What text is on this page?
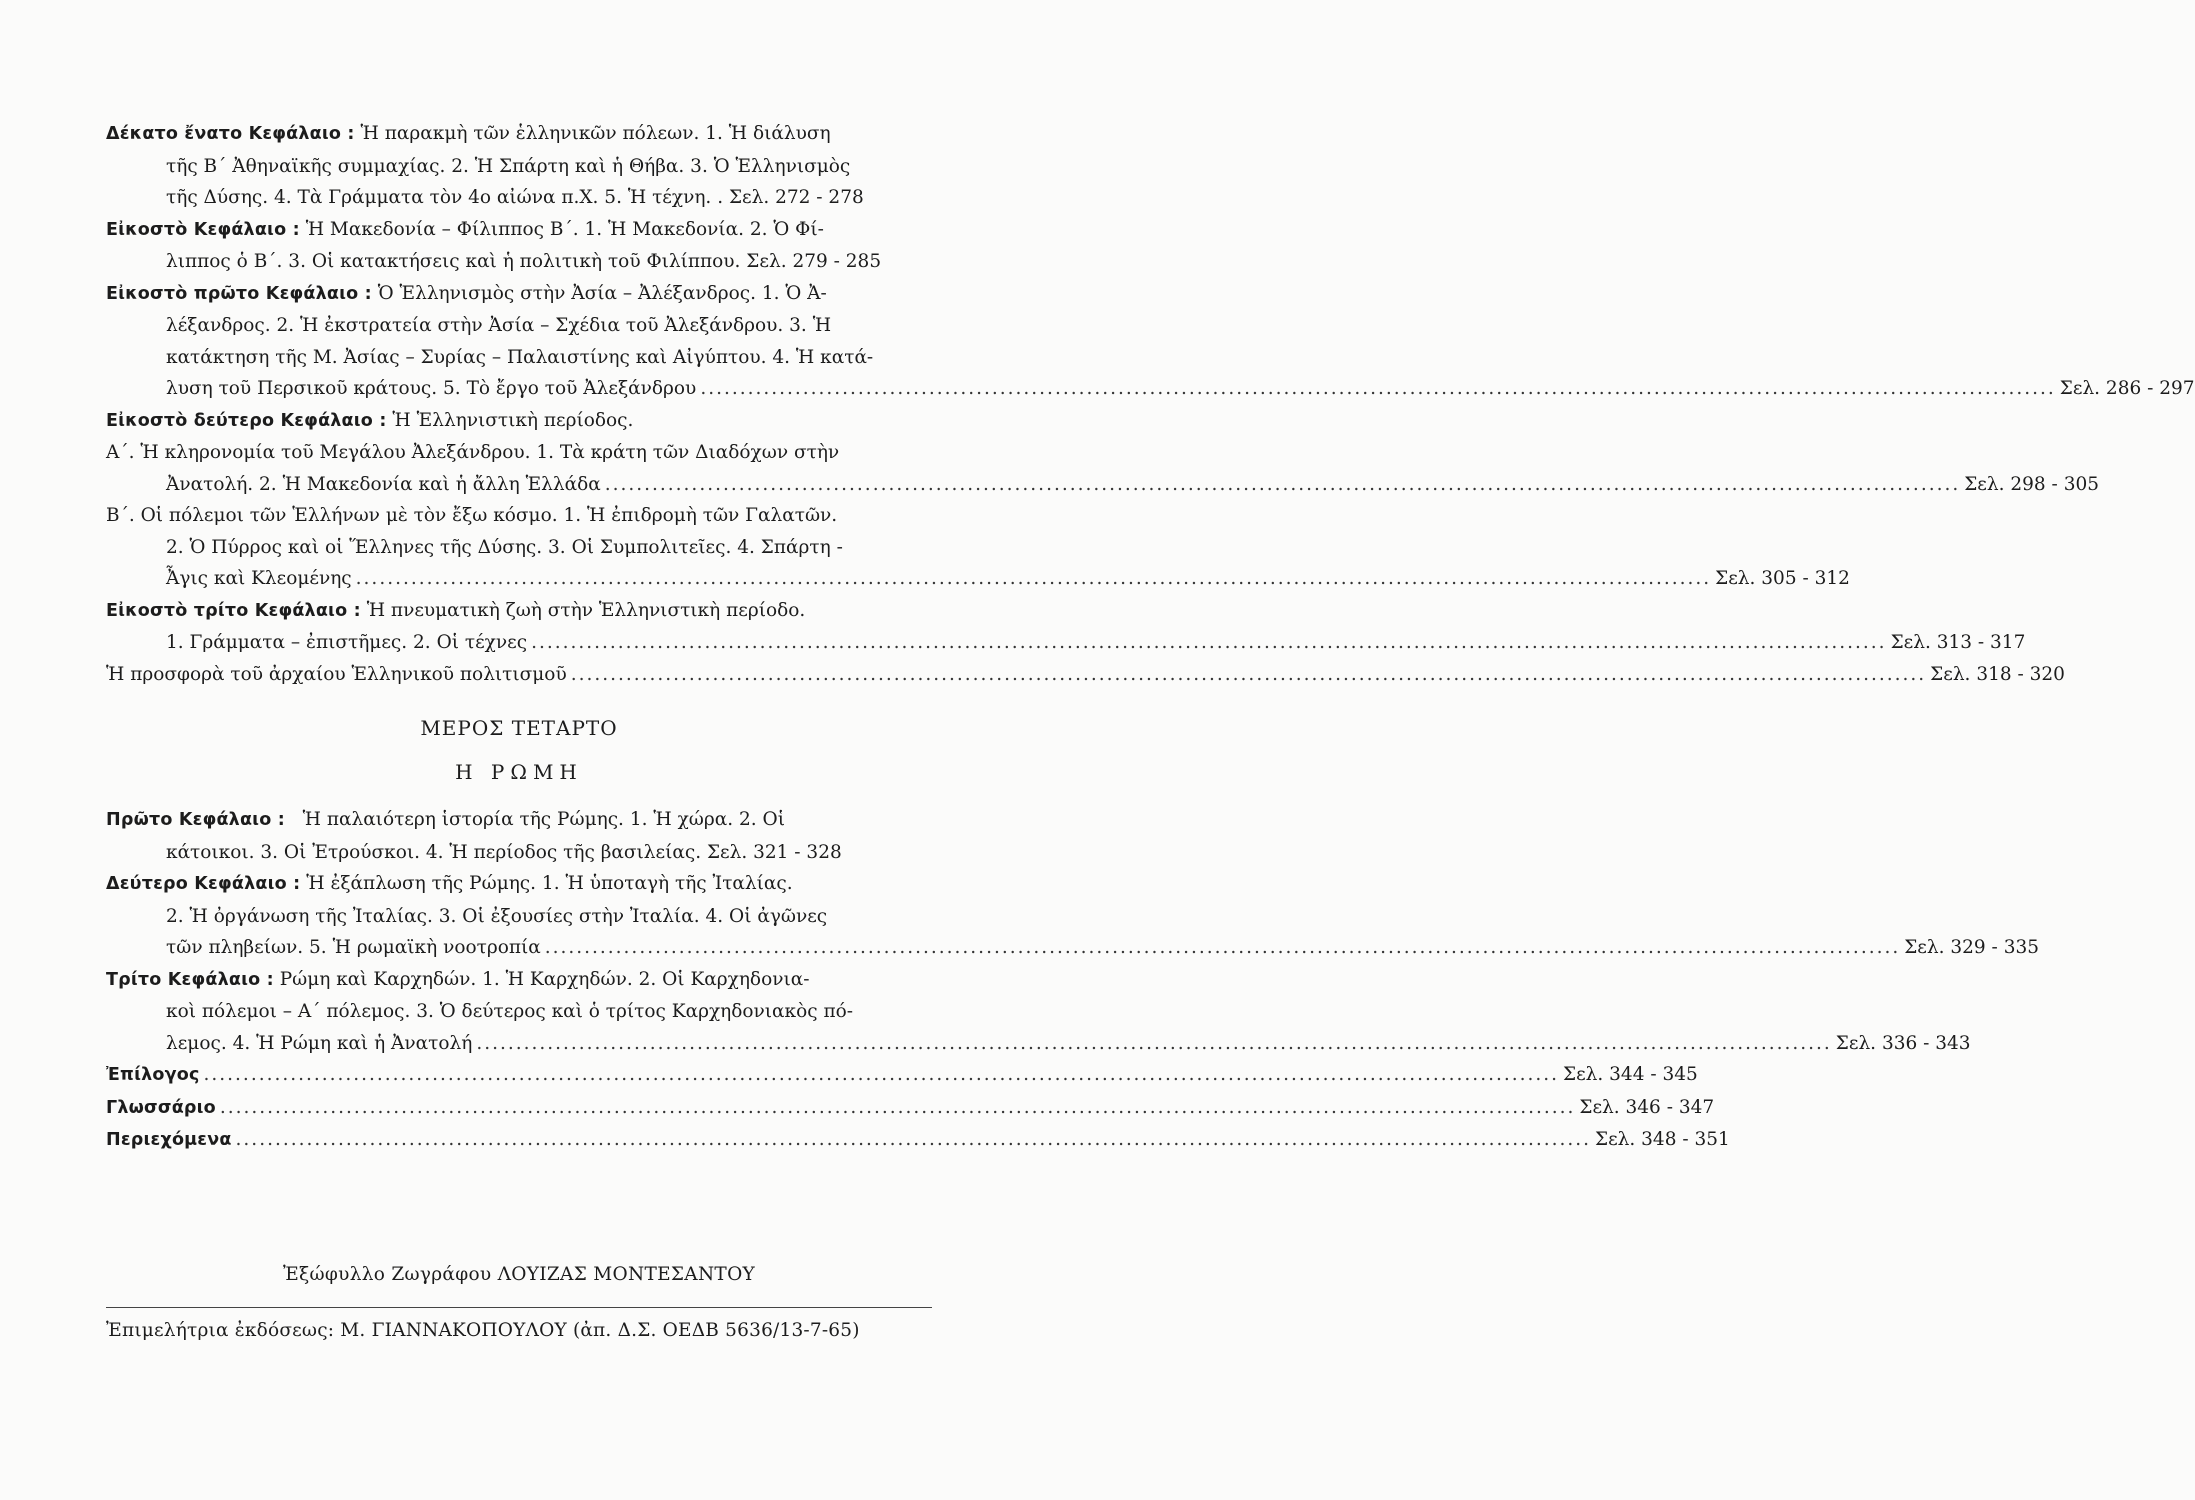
Δέκατο ἔνατο Κεφάλαιο : Ἡ παρακμὴ τῶν ἑλληνικῶν πόλεων. 1. Ἡ διάλυση
τῆς Β΄ Ἀθηναϊκῆς συμμαχίας. 2. Ἡ Σπάρτη καὶ ἡ Θήβα. 3. Ὁ Ἑλληνισμὸς
τῆς Δύσης. 4. Τὰ Γράμματα τὸν 4ο αἰώνα π.Χ. 5. Ἡ τέχνη. . Σελ. 272 - 278
Εἰκοστὸ Κεφάλαιο : Ἡ Μακεδονία – Φίλιππος Β΄. 1. Ἡ Μακεδονία. 2. Ὁ Φί-
λιππος ὁ Β΄. 3. Οἱ κατακτήσεις καὶ ἡ πολιτικὴ τοῦ Φιλίππου. Σελ. 279 - 285
Εἰκοστὸ πρῶτο Κεφάλαιο : Ὁ Ἑλληνισμὸς στὴν Ἀσία – Ἀλέξανδρος. 1. Ὁ Ἀ-
λέξανδρος. 2. Ἡ ἐκστρατεία στὴν Ἀσία – Σχέδια τοῦ Ἀλεξάνδρου. 3. Ἡ
κατάκτηση τῆς Μ. Ἀσίας – Συρίας – Παλαιστίνης καὶ Αἰγύπτου. 4. Ἡ κατά-
λυση τοῦ Περσικοῦ κράτους. 5. Τὸ ἔργο τοῦ Ἀλεξάνδρου .....	Σελ. 286 - 297
Εἰκοστὸ δεύτερο Κεφάλαιο : Ἡ Ἑλληνιστικὴ περίοδος.
Α΄. Ἡ κληρονομία τοῦ Μεγάλου Ἀλεξάνδρου. 1. Τὰ κράτη τῶν Διαδόχων στὴν
Ἀνατολή. 2. Ἡ Μακεδονία καὶ ἡ ἄλλη Ἑλλάδα .....	Σελ. 298 - 305
Β΄. Οἱ πόλεμοι τῶν Ἑλλήνων μὲ τὸν ἔξω κόσμο. 1. Ἡ ἐπιδρομὴ τῶν Γαλατῶν.
2. Ὁ Πύρρος καὶ οἱ Ἕλληνες τῆς Δύσης. 3. Οἱ Συμπολιτεῖες. 4. Σπάρτη -
Ἆγις καὶ Κλεομένης .....	Σελ. 305 - 312
Εἰκοστὸ τρίτο Κεφάλαιο : Ἡ πνευματικὴ ζωὴ στὴν Ἑλληνιστικὴ περίοδο.
1. Γράμματα – ἐπιστῆμες. 2. Οἱ τέχνες .....	Σελ. 313 - 317
Ἡ προσφορὰ τοῦ ἀρχαίου Ἑλληνικοῦ πολιτισμοῦ .....	Σελ. 318 - 320
ΜΕΡΟΣ ΤΕΤΑΡΤΟ
Η ΡΩΜΗ
Πρῶτο Κεφάλαιο : Ἡ παλαιότερη ἱστορία τῆς Ρώμης. 1. Ἡ χώρα. 2. Οἱ
κάτοικοι. 3. Οἱ Ἐτρούσκοι. 4. Ἡ περίοδος τῆς βασιλείας. Σελ. 321 - 328
Δεύτερο Κεφάλαιο : Ἡ ἐξάπλωση τῆς Ρώμης. 1. Ἡ ὑποταγὴ τῆς Ἰταλίας.
2. Ἡ ὀργάνωση τῆς Ἰταλίας. 3. Οἱ ἐξουσίες στὴν Ἰταλία. 4. Οἱ ἀγῶνες
τῶν πληβείων. 5. Ἡ ρωμαϊκὴ νοοτροπία .....	Σελ. 329 - 335
Τρίτο Κεφάλαιο : Ρώμη καὶ Καρχηδών. 1. Ἡ Καρχηδών. 2. Οἱ Καρχηδονια-
κοὶ πόλεμοι – Α΄ πόλεμος. 3. Ὁ δεύτερος καὶ ὁ τρίτος Καρχηδονιακὸς πό-
λεμος. 4. Ἡ Ρώμη καὶ ἡ Ἀνατολή .....	Σελ. 336 - 343
Ἐπίλογος .....	Σελ. 344 - 345
Γλωσσάριο .....	Σελ. 346 - 347
Περιεχόμενα .....	Σελ. 348 - 351
Ἐξώφυλλο Ζωγράφου ΛΟΥΙΖΑΣ ΜΟΝΤΕΣΑΝΤΟΥ
Ἐπιμελήτρια ἐκδόσεως: Μ. ΓΙΑΝΝΑΚΟΠΟΥΛΟΥ (ἀπ. Δ.Σ. ΟΕΔΒ 5636/13-7-65)
